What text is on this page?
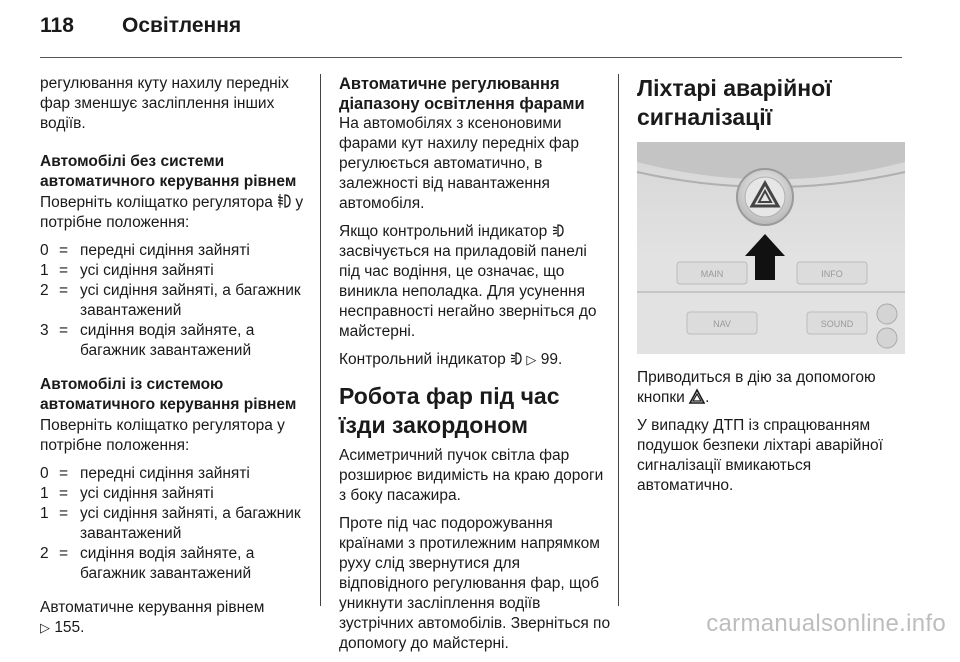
118	Освітлення

регулювання куту нахилу передніх фар зменшує засліплення інших водіїв.

Автомобілі без системи автоматичного керування рівнем

Поверніть коліщатко регулятора  у потрібне положення:

0 = передні сидіння зайняті
1 = усі сидіння зайняті
2 = усі сидіння зайняті, а багажник завантажений
3 = сидіння водія зайняте, а багажник завантажений
Автомобілі із системою автоматичного керування рівнем

Поверніть коліщатко регулятора у потрібне положення:

0 = передні сидіння зайняті
1 = усі сидіння зайняті
1 = усі сидіння зайняті, а багажник завантажений
2 = сидіння водія зайняте, а багажник завантажений

Автоматичне керування рівнем
▷ 155.

Автоматичне регулювання діапазону освітлення фарами

На автомобілях з ксеноновими фарами кут нахилу передніх фар регулюється автоматично, в залежності від навантаження автомобіля.

Якщо контрольний індикатор  засвічується на приладовій панелі під час водіння, це означає, що виникла неполадка. Для усунення несправності негайно зверніться до майстерні.

Контрольний індикатор  ▷ 99.

Робота фар під час їзди закордоном

Асиметричний пучок світла фар розширює видимість на краю дороги з боку пасажира.

Проте під час подорожування країнами з протилежним напрямком руху слід звернутися для відповідного регулювання фар, щоб уникнути засліплення водіїв зустрічних автомобілів. Зверніться по допомогу до майстерні.

Ліхтарі аварійної сигналізації
MAIN	INFO
NAV	SOUND

Приводиться в дію за допомогою кнопки .

У випадку ДТП із спрацюванням подушок безпеки ліхтарі аварійної сигналізації вмикаються автоматично.

carmanualsonline.info
